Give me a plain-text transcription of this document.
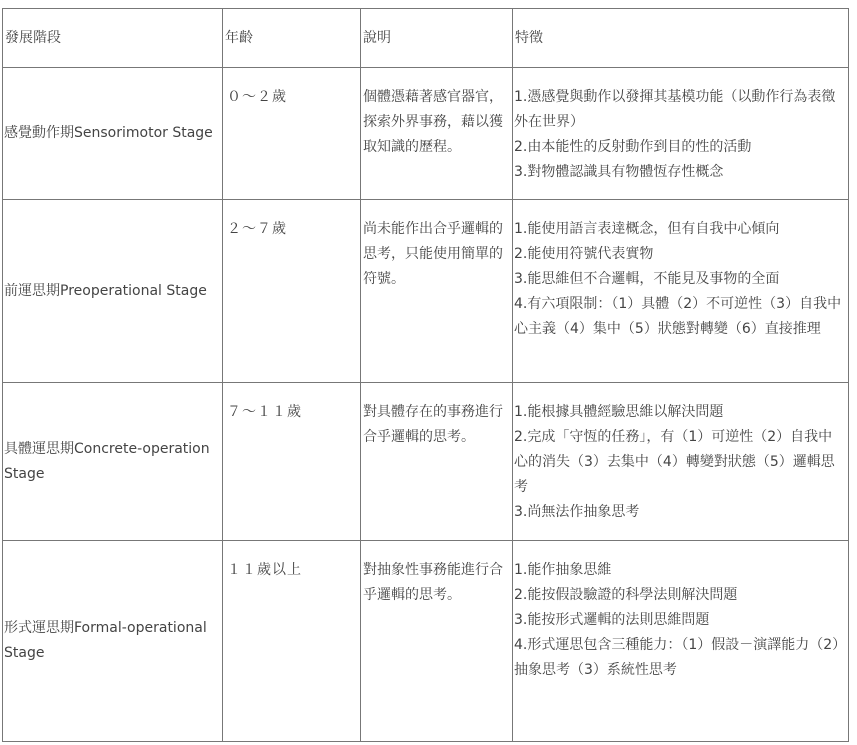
發展階段	年齡	說明	特徵
感覺動作期Sensorimotor Stage	０～２歲	個體憑藉著感官器官，探索外界事務，藉以獲取知識的歷程。	1.憑感覺與動作以發揮其基模功能（以動作行為表徵外在世界）
2.由本能性的反射動作到目的性的活動
3.對物體認識具有物體恆存性概念

前運思期Preoperational Stage	２～７歲	尚未能作出合乎邏輯的思考，只能使用簡單的符號。	1.能使用語言表達概念，但有自我中心傾向
2.能使用符號代表實物
3.能思維但不合邏輯，不能見及事物的全面
4.有六項限制：（1）具體（2）不可逆性（3）自我中心主義（4）集中（5）狀態對轉變（6）直接推理

具體運思期Concrete-operation Stage	７～１１歲	對具體存在的事務進行合乎邏輯的思考。	1.能根據具體經驗思維以解決問題
2.完成「守恆的任務」，有（1）可逆性（2）自我中心的消失（3）去集中（4）轉變對狀態（5）邏輯思考
3.尚無法作抽象思考

形式運思期Formal-operational Stage	１１歲以上	對抽象性事務能進行合乎邏輯的思考。	1.能作抽象思維
2.能按假設驗證的科學法則解決問題
3.能按形式邏輯的法則思維問題
4.形式運思包含三種能力：（1）假設－演譯能力（2）抽象思考（3）系統性思考
